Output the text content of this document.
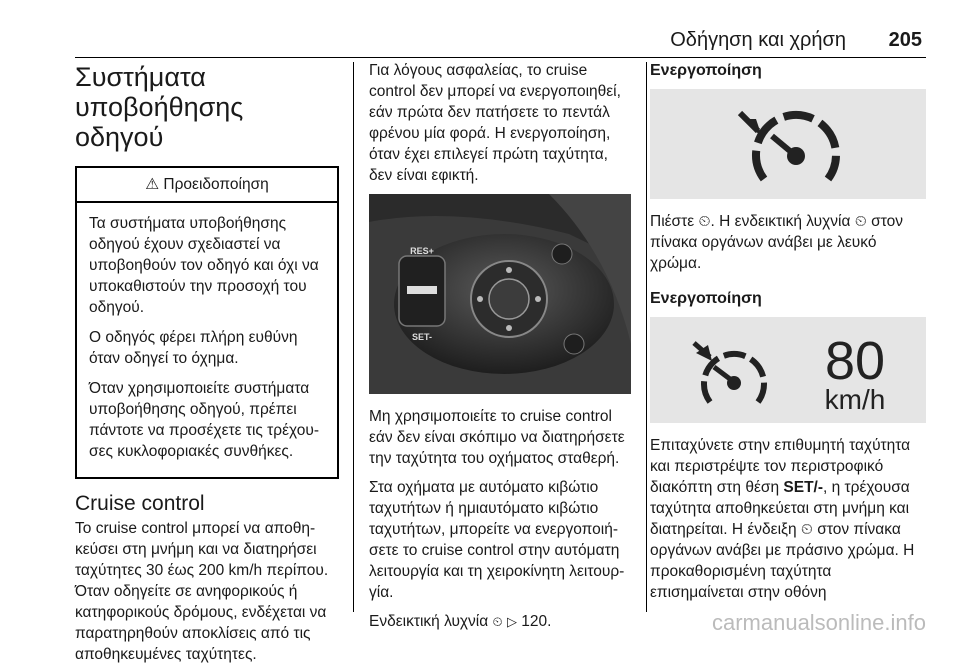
Οδήγηση και χρήση 205
Συστήματα
υποβοήθησης οδηγού
⚠ Προειδοποίηση

Τα συστήματα υποβοήθησης οδηγού έχουν σχεδιαστεί να υποβοηθούν τον οδηγό και όχι να υποκαθιστούν την προσοχή του οδηγού.

Ο οδηγός φέρει πλήρη ευθύνη όταν οδηγεί το όχημα.

Όταν χρησιμοποιείτε συστήματα υποβοήθησης οδηγού, πρέπει πάντοτε να προσέχετε τις τρέχουσες κυκλοφοριακές συνθήκες.

Cruise control

Το cruise control μπορεί να αποθηκεύσει στη μνήμη και να διατηρήσει ταχύτητες 30 έως 200 km/h περίπου. Όταν οδηγείτε σε ανηφορικούς ή κατηφορικούς δρόμους, ενδέχεται να παρατηρηθούν αποκλίσεις από τις αποθηκευμένες ταχύτητες.

Για λόγους ασφαλείας, το cruise control δεν μπορεί να ενεργοποιηθεί, εάν πρώτα δεν πατήσετε το πεντάλ φρένου μία φορά. Η ενεργοποίηση, όταν έχει επιλεγεί πρώτη ταχύτητα, δεν είναι εφικτή.

RES+
SET-

Μη χρησιμοποιείτε το cruise control εάν δεν είναι σκόπιμο να διατηρήσετε την ταχύτητα του οχήματος σταθερή.

Στα οχήματα με αυτόματο κιβώτιο ταχυτήτων ή ημιαυτόματο κιβώτιο ταχυτήτων, μπορείτε να ενεργοποιήσετε το cruise control στην αυτόματη λειτουργία και τη χειροκίνητη λειτουργία.

Ενδεικτική λυχνία ⏲ ▷ 120.

Ενεργοποίηση

Πιέστε ⏲. Η ενδεικτική λυχνία ⏲ στον πίνακα οργάνων ανάβει με λευκό χρώμα.

Ενεργοποίηση
80
km/h

Επιταχύνετε στην επιθυμητή ταχύτητα και περιστρέψτε τον περιστροφικό διακόπτη στη θέση SET/-, η τρέχουσα ταχύτητα αποθηκεύεται στη μνήμη και διατηρείται. Η ένδειξη ⏲ στον πίνακα οργάνων ανάβει με πράσινο χρώμα. Η προκαθορισμένη ταχύτητα επισημαίνεται στην οθόνη

carmanualsonline.info
